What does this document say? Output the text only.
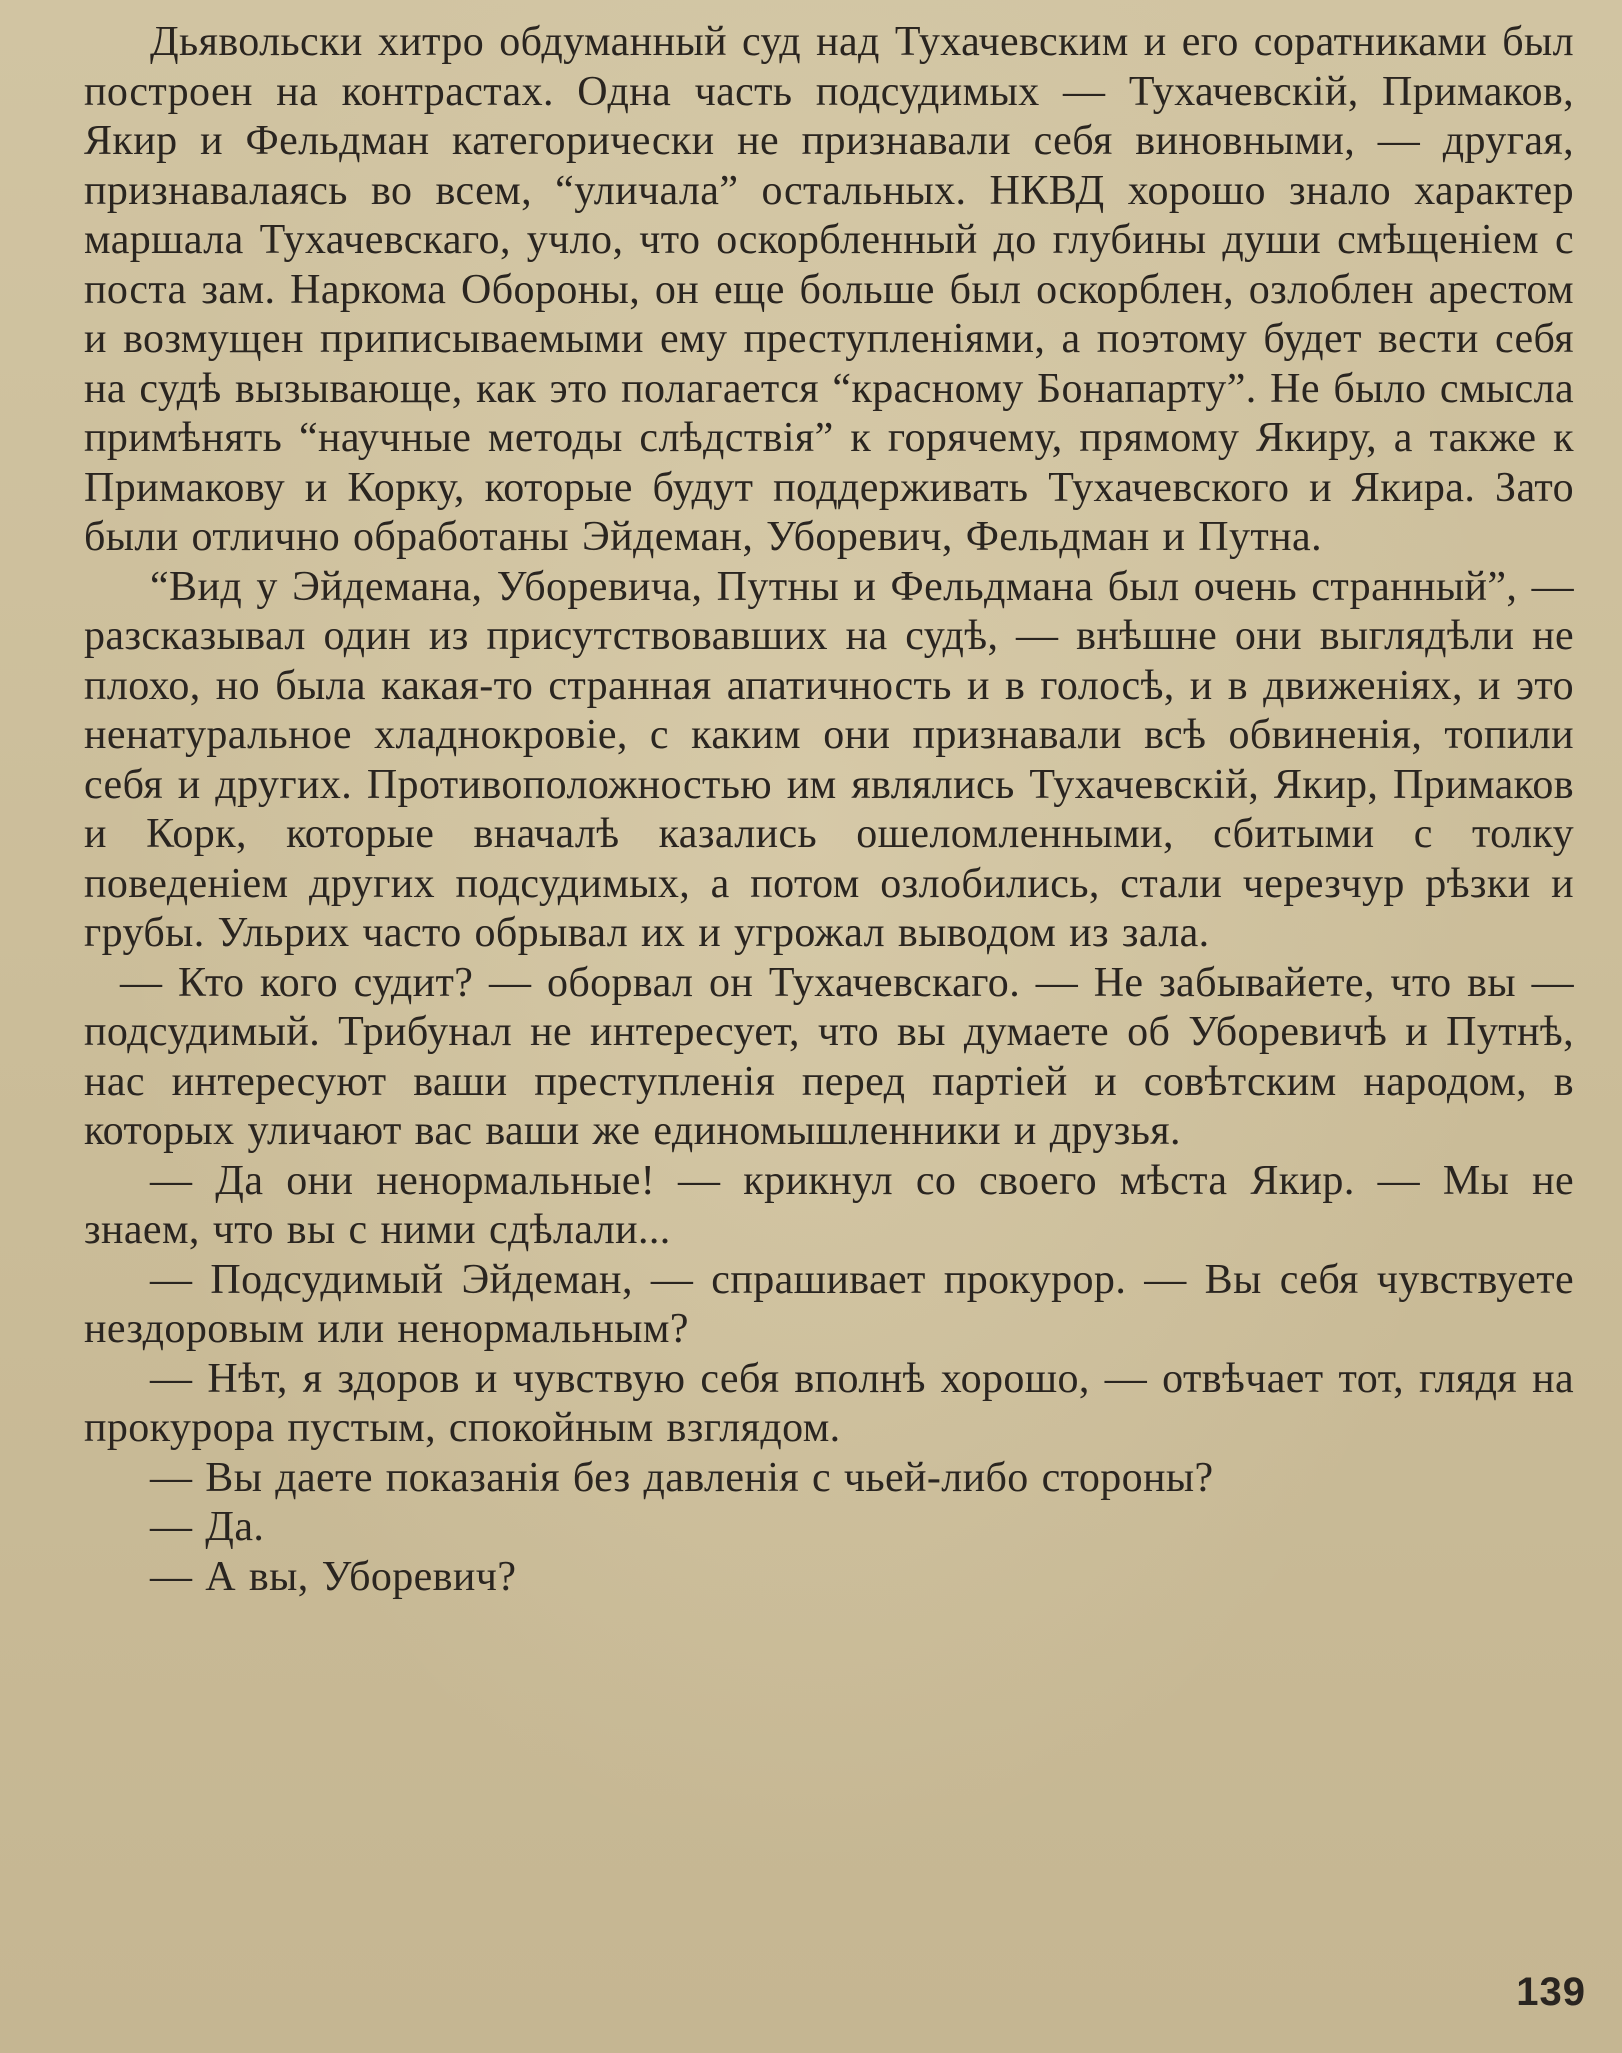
Дьявольски хитро обдуманный суд над Тухачевским и его соратниками был построен на контрастах. Одна часть подсудимых — Тухачевскій, Примаков, Якир и Фельдман категорически не признавали себя виновными, — другая, признавалаясь во всем, “уличала” остальных. НКВД хорошо знало характер маршала Тухачевскаго, учло, что оскорбленный до глубины души смѣщеніем с поста зам. Наркома Обороны, он еще больше был оскорблен, озлоблен арестом и возмущен приписываемыми ему преступленіями, а поэтому будет вести себя на судѣ вызывающе, как это полагается “красному Бонапарту”. Не было смысла примѣнять “научные методы слѣдствія” к горячему, прямому Якиру, а также к Примакову и Корку, которые будут поддерживать Тухачевского и Якира. Зато были отлично обработаны Эйдеман, Уборевич, Фельдман и Путна.

“Вид у Эйдемана, Уборевича, Путны и Фельдмана был очень странный”, — разсказывал один из присутствовавших на судѣ, — внѣшне они выглядѣли не плохо, но была какая-то странная апатичность и в голосѣ, и в движеніях, и это ненатуральное хладнокровіе, с каким они признавали всѣ обвиненія, топили себя и других. Противоположностью им являлись Тухачевскій, Якир, Примаков и Корк, которые вначалѣ казались ошеломленными, сбитыми с толку поведеніем других подсудимых, а потом озлобились, стали черезчур рѣзки и грубы. Ульрих часто обрывал их и угрожал выводом из зала.

— Кто кого судит? — оборвал он Тухачевскаго. — Не забывайете, что вы — подсудимый. Трибунал не интересует, что вы думаете об Уборевичѣ и Путнѣ, нас интересуют ваши преступленія перед партіей и совѣтским народом, в которых уличают вас ваши же единомышленники и друзья.

— Да они ненормальные! — крикнул со своего мѣста Якир. — Мы не знаем, что вы с ними сдѣлали...

— Подсудимый Эйдеман, — спрашивает прокурор. — Вы себя чувствуете нездоровым или ненормальным?

— Нѣт, я здоров и чувствую себя вполнѣ хорошо, — отвѣчает тот, глядя на прокурора пустым, спокойным взглядом.

— Вы даете показанія без давленія с чьей-либо стороны?

— Да.

— А вы, Уборевич?

139
